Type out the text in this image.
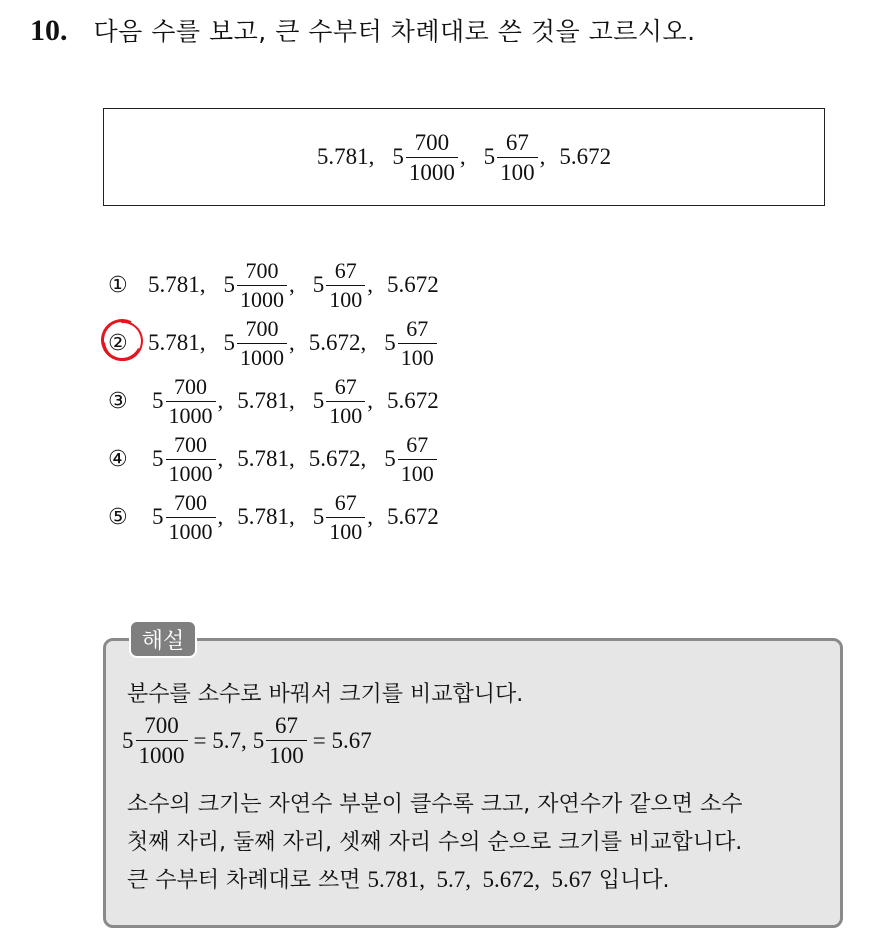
10. 다음 수를 보고, 큰 수부터 차례대로 쓴 것을 고르시오.
5.781, $5 \frac{700}{1000}$ , $5 \frac{67}{100}$ , 5.672
① 5.781, $5 \frac{700}{1000}$ , $5 \frac{67}{100}$ , 5.672
② 5.781, $5 \frac{700}{1000}$ , 5.672, $5 \frac{67}{100}$
③	$5 \frac{700}{1000}$ , 5.781, $5 \frac{67}{100}$ , 5.672
④	$5 \frac{700}{1000}$ , 5.781, 5.672, $5 \frac{67}{100}$
⑤	$5 \frac{700}{1000}$ , 5.781, $5 \frac{67}{100}$ , 5.672
해설
분수를 소수로 바꿔서 크기를 비교합니다.
$5 \frac{700}{1000} = 5.7$, $5 \frac{67}{100} = 5.67$
소수의 크기는 자연수 부분이 클수록 크고, 자연수가 같으면 소수
첫째 자리, 둘째 자리, 셋째 자리 수의 순으로 크기를 비교합니다.
큰 수부터 차례대로 쓰면 5.781,  5.7,  5.672,  5.67 입니다.
